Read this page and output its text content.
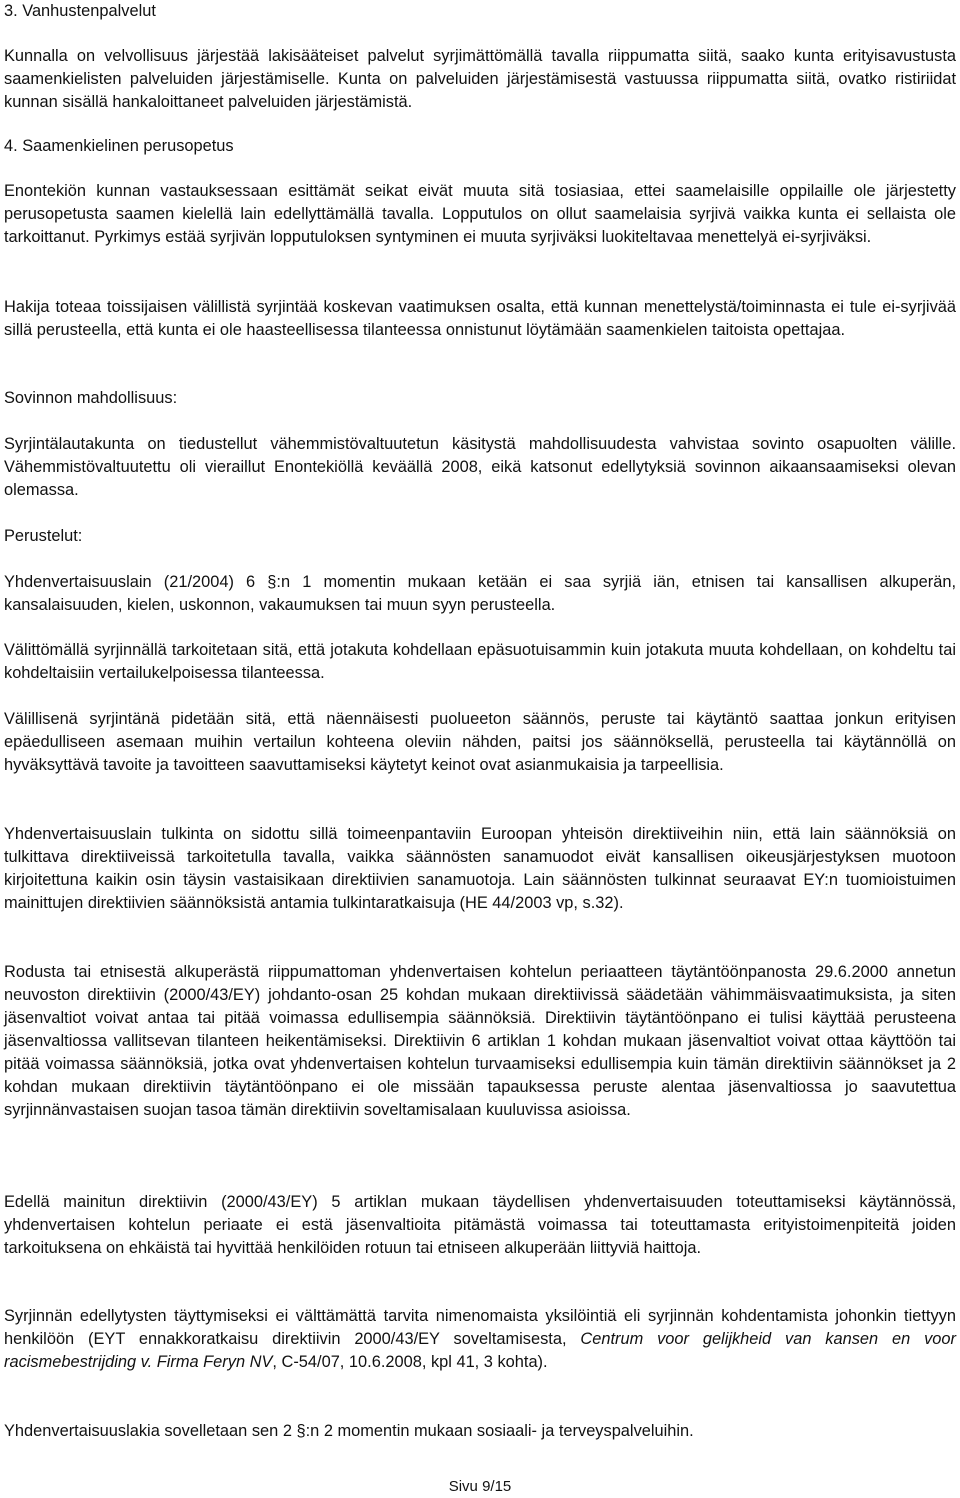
3. Vanhustenpalvelut

Kunnalla on velvollisuus järjestää lakisääteiset palvelut syrjimättömällä tavalla riippumatta siitä, saako kunta erityisavustusta saamenkielisten palveluiden järjestämiselle. Kunta on palveluiden järjestämisestä vastuussa riippumatta siitä, ovatko ristiriidat kunnan sisällä hankaloittaneet palveluiden järjestämistä.

4. Saamenkielinen perusopetus

Enontekiön kunnan vastauksessaan esittämät seikat eivät muuta sitä tosiasiaa, ettei saamelaisille oppilaille ole järjestetty perusopetusta saamen kielellä lain edellyttämällä tavalla. Lopputulos on ollut saamelaisia syrjivä vaikka kunta ei sellaista ole tarkoittanut. Pyrkimys estää syrjivän lopputuloksen syntyminen ei muuta syrjiväksi luokiteltavaa menettelyä ei-syrjiväksi.

Hakija toteaa toissijaisen välillistä syrjintää koskevan vaatimuksen osalta, että kunnan menettelystä/toiminnasta ei tule ei-syrjivää sillä perusteella, että kunta ei ole haasteellisessa tilanteessa onnistunut löytämään saamenkielen taitoista opettajaa.

Sovinnon mahdollisuus:

Syrjintälautakunta on tiedustellut vähemmistövaltuutetun käsitystä mahdollisuudesta vahvistaa sovinto osapuolten välille. Vähemmistövaltuutettu oli vieraillut Enontekiöllä keväällä 2008, eikä katsonut edellytyksiä sovinnon aikaansaamiseksi olevan olemassa.

Perustelut:

Yhdenvertaisuuslain (21/2004) 6 §:n 1 momentin mukaan ketään ei saa syrjiä iän, etnisen tai kansallisen alkuperän, kansalaisuuden, kielen, uskonnon, vakaumuksen tai muun syyn perusteella.

Välittömällä syrjinnällä tarkoitetaan sitä, että jotakuta kohdellaan epäsuotuisammin kuin jotakuta muuta kohdellaan, on kohdeltu tai kohdeltaisiin vertailukelpoisessa tilanteessa.

Välillisenä syrjintänä pidetään sitä, että näennäisesti puolueeton säännös, peruste tai käytäntö saattaa jonkun erityisen epäedulliseen asemaan muihin vertailun kohteena oleviin nähden, paitsi jos säännöksellä, perusteella tai käytännöllä on hyväksyttävä tavoite ja tavoitteen saavuttamiseksi käytetyt keinot ovat asianmukaisia ja tarpeellisia.

Yhdenvertaisuuslain tulkinta on sidottu sillä toimeenpantaviin Euroopan yhteisön direktiiveihin niin, että lain säännöksiä on tulkittava direktiiveissä tarkoitetulla tavalla, vaikka säännösten sanamuodot eivät kansallisen oikeusjärjestyksen muotoon kirjoitettuna kaikin osin täysin vastaisikaan direktiivien sanamuotoja. Lain säännösten tulkinnat seuraavat EY:n tuomioistuimen mainittujen direktiivien säännöksistä antamia tulkintaratkaisuja (HE 44/2003 vp, s.32).

Rodusta tai etnisestä alkuperästä riippumattoman yhdenvertaisen kohtelun periaatteen täytäntöönpanosta 29.6.2000 annetun neuvoston direktiivin (2000/43/EY) johdanto-osan 25 kohdan mukaan direktiivissä säädetään vähimmäisvaatimuksista, ja siten jäsenvaltiot voivat antaa tai pitää voimassa edullisempia säännöksiä. Direktiivin täytäntöönpano ei tulisi käyttää perusteena jäsenvaltiossa vallitsevan tilanteen heikentämiseksi. Direktiivin 6 artiklan 1 kohdan mukaan jäsenvaltiot voivat ottaa käyttöön tai pitää voimassa säännöksiä, jotka ovat yhdenvertaisen kohtelun turvaamiseksi edullisempia kuin tämän direktiivin säännökset ja 2 kohdan mukaan direktiivin täytäntöönpano ei ole missään tapauksessa peruste alentaa jäsenvaltiossa jo saavutettua syrjinnänvastaisen suojan tasoa tämän direktiivin soveltamisalaan kuuluvissa asioissa.

Edellä mainitun direktiivin (2000/43/EY) 5 artiklan mukaan täydellisen yhdenvertaisuuden toteuttamiseksi käytännössä, yhdenvertaisen kohtelun periaate ei estä jäsenvaltioita pitämästä voimassa tai toteuttamasta erityistoimenpiteitä joiden tarkoituksena on ehkäistä tai hyvittää henkilöiden rotuun tai etniseen alkuperään liittyviä haittoja.

Syrjinnän edellytysten täyttymiseksi ei välttämättä tarvita nimenomaista yksilöintiä eli syrjinnän kohdentamista johonkin tiettyyn henkilöön (EYT ennakkoratkaisu direktiivin 2000/43/EY soveltamisesta, Centrum voor gelijkheid van kansen en voor racismebestrijding v. Firma Feryn NV, C-54/07, 10.6.2008, kpl 41, 3 kohta).

Yhdenvertaisuuslakia sovelletaan sen 2 §:n 2 momentin mukaan sosiaali- ja terveyspalveluihin.

Sivu 9/15
